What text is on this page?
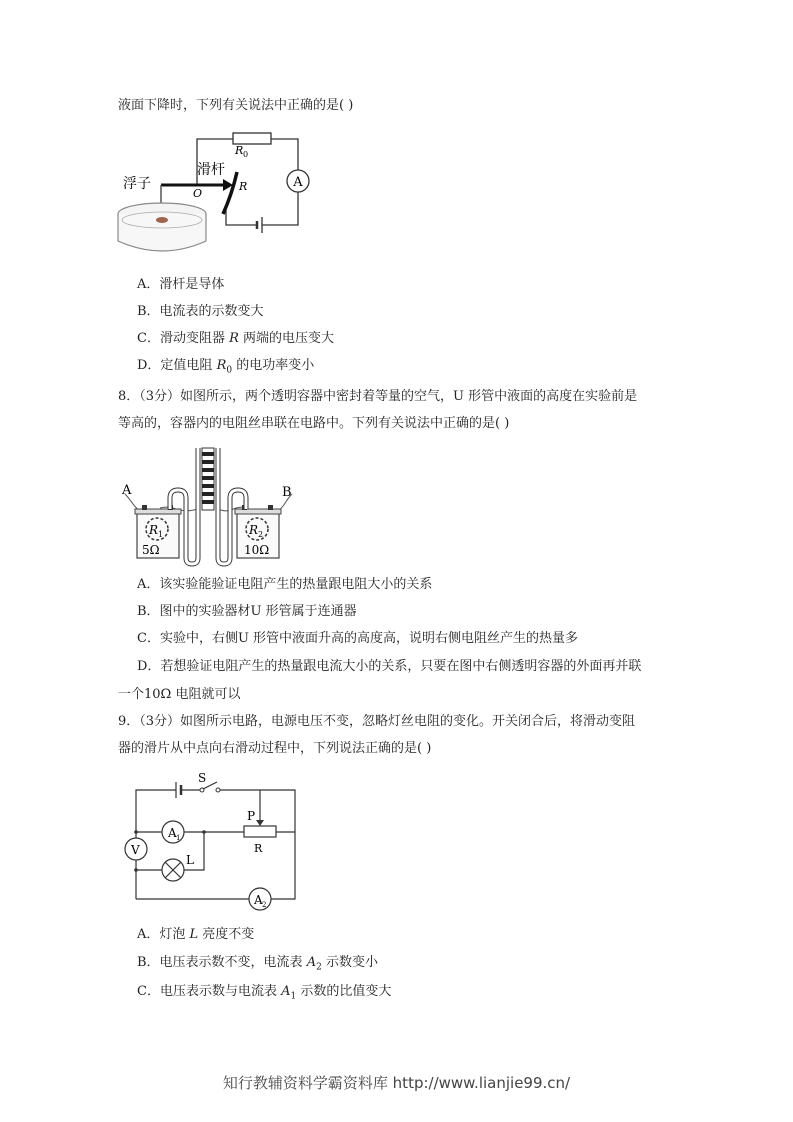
液面下降时，下列有关说法中正确的是( )
A
R 0
滑杆
浮子
O
R
A．滑杆是导体
B．电流表的示数变大
C．滑动变阻器 R 两端的电压变大
D．定值电阻 $R_0$ 的电功率变小
8．（3分）如图所示，两个透明容器中密封着等量的空气，U 形管中液面的高度在实验前是
等高的，容器内的电阻丝串联在电路中。下列有关说法中正确的是( )
R 1
5Ω
R 2
10Ω
A	B
A．该实验能验证电阻产生的热量跟电阻大小的关系
B．图中的实验器材U 形管属于连通器
C．实验中，右侧U 形管中液面升高的高度高，说明右侧电阻丝产生的热量多
D．若想验证电阻产生的热量跟电流大小的关系，只要在图中右侧透明容器的外面再并联
一个10Ω 电阻就可以
9．（3分）如图所示电路，电源电压不变，忽略灯丝电阻的变化。开关闭合后，将滑动变阻
器的滑片从中点向右滑动过程中，下列说法正确的是( )
S
P
R
A 1
L
V
A 2
A．灯泡 L 亮度不变
B．电压表示数不变，电流表 $A_2$ 示数变小
C．电压表示数与电流表 $A_1$ 示数的比值变大
知行教辅资料学霸资料库 http://www.lianjie99.cn/
